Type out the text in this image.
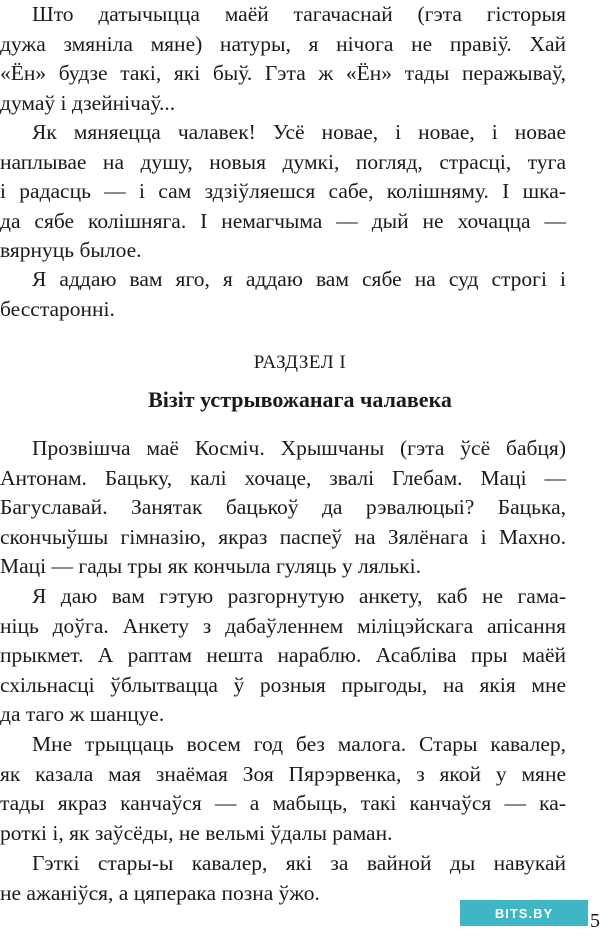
Што датычыцца маёй тагачаснай (гэта гісторыя
дужа змяніла мяне) натуры, я нічога не правіў. Хай
«Ён» будзе такі, які быў. Гэта ж «Ён» тады перажываў,
думаў і дзейнічаў...

Як мяняецца чалавек! Усё новае, і новае, і новае
наплывае на душу, новыя думкі, погляд, страсці, туга
і радасць — і сам здзіўляешся сабе, колішняму. І шка-
да сябе колішняга. І немагчыма — дый не хочацца —
вярнуць былое.

Я аддаю вам яго, я аддаю вам сябе на суд строгі і
бесстаронні.

РАЗДЗЕЛ І
Візіт устрывожанага чалавека

Прозвішча маё Косміч. Хрышчаны (гэта ўсё бабця)
Антонам. Бацьку, калі хочаце, звалі Глебам. Маці —
Багуславай. Занятак бацькоў да рэвалюцыі? Бацька,
скончыўшы гімназію, якраз паспеў на Зялёнага і Махно.
Маці — гады тры як кончыла гуляць у лялькі.

Я даю вам гэтую разгорнутую анкету, каб не гама-
ніць доўга. Анкету з дабаўленнем міліцэйскага апісання
прыкмет. А раптам нешта нараблю. Асабліва пры маёй
схільнасці ўблытвацца ў розныя прыгоды, на якія мне
да таго ж шанцуе.

Мне трыццаць восем год без малога. Стары кавалер,
як казала мая знаёмая Зоя Пярэрвенка, з якой у мяне
тады якраз канчаўся — а мабыць, такі канчаўся — ка-
роткі і, як заўсёды, не вельмі ўдалы раман.

Гэткі стары-ы кавалер, які за вайной ды навукай
не ажаніўся, а цяперака позна ўжо.

BITS.BY	5
